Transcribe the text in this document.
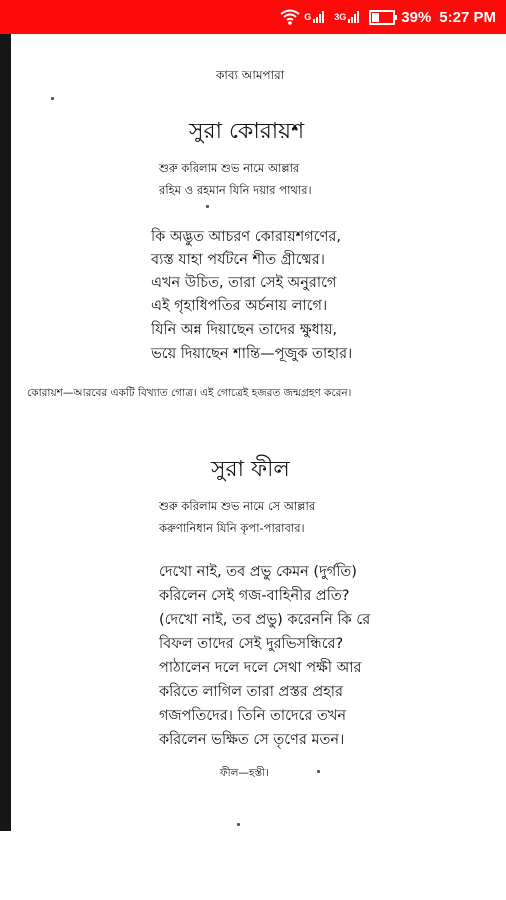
G	3G	39% 5:27 PM
কাব্য আমপারা
সুরা কোরায়শ
শুরু করিলাম শুভ নামে আল্লার
রহিম ও রহমান যিনি দয়ার পাথার।
কি অদ্ভুত আচরণ কোরায়শগণের,
ব্যস্ত যাহা পর্যটনে শীত গ্রীষ্মের।
এখন উচিত, তারা সেই অনুরাগে
এই গৃহাধিপতির অর্চনায় লাগে।
যিনি অন্ন দিয়াছেন তাদের ক্ষুধায়,
ভয়ে দিয়াছেন শান্তি—পূজুক তাহার।
কোরায়শ—আরবের একটি বিখ্যাত গোত্র। এই গোত্রেই হজরত জন্মগ্রহণ করেন।
সুরা ফীল
শুরু করিলাম শুভ নামে সে আল্লার
করুণানিধান যিনি কৃপা-পারাবার।
দেখো নাই, তব প্রভু কেমন (দুর্গতি)
করিলেন সেই গজ-বাহিনীর প্রতি?
(দেখো নাই, তব প্রভু) করেননি কি রে
বিফল তাদের সেই দুরভিসন্ধিরে?
পাঠালেন দলে দলে সেথা পক্ষী আর
করিতে লাগিল তারা প্রস্তর প্রহার
গজপতিদের। তিনি তাদেরে তখন
করিলেন ভক্ষিত সে তৃণের মতন।
ফীল—হস্তী।
